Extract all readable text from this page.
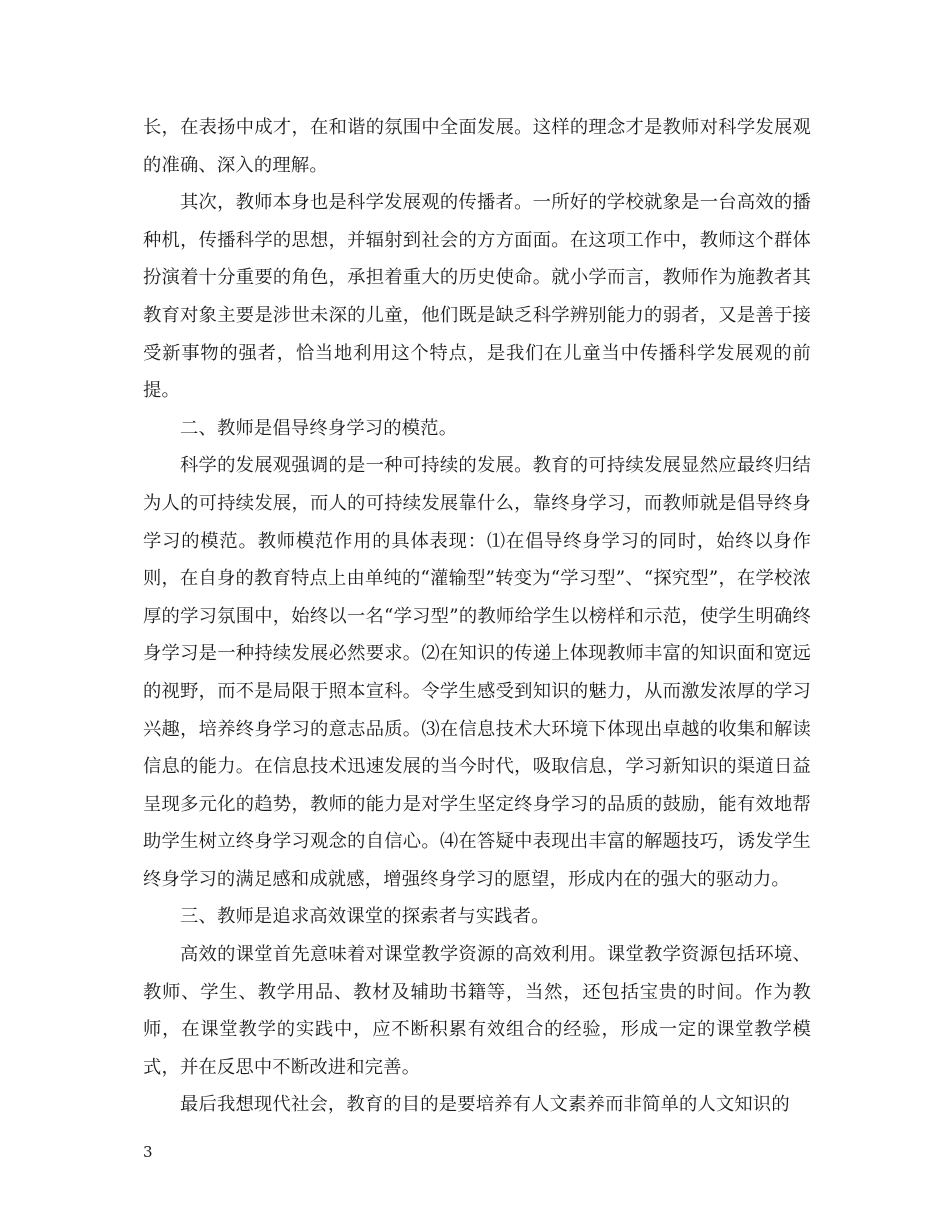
长，在表扬中成才，在和谐的氛围中全面发展。这样的理念才是教师对科学发展观的准确、深入的理解。

其次，教师本身也是科学发展观的传播者。一所好的学校就象是一台高效的播种机，传播科学的思想，并辐射到社会的方方面面。在这项工作中，教师这个群体扮演着十分重要的角色，承担着重大的历史使命。就小学而言，教师作为施教者其教育对象主要是涉世未深的儿童，他们既是缺乏科学辨别能力的弱者，又是善于接受新事物的强者，恰当地利用这个特点，是我们在儿童当中传播科学发展观的前提。

二、教师是倡导终身学习的模范。

科学的发展观强调的是一种可持续的发展。教育的可持续发展显然应最终归结为人的可持续发展，而人的可持续发展靠什么，靠终身学习，而教师就是倡导终身学习的模范。教师模范作用的具体表现：⑴在倡导终身学习的同时，始终以身作则，在自身的教育特点上由单纯的“灌输型”转变为“学习型”、“探究型”，在学校浓厚的学习氛围中，始终以一名“学习型”的教师给学生以榜样和示范，使学生明确终身学习是一种持续发展必然要求。⑵在知识的传递上体现教师丰富的知识面和宽远的视野，而不是局限于照本宣科。令学生感受到知识的魅力，从而激发浓厚的学习兴趣，培养终身学习的意志品质。⑶在信息技术大环境下体现出卓越的收集和解读信息的能力。在信息技术迅速发展的当今时代，吸取信息，学习新知识的渠道日益呈现多元化的趋势，教师的能力是对学生坚定终身学习的品质的鼓励，能有效地帮助学生树立终身学习观念的自信心。⑷在答疑中表现出丰富的解题技巧，诱发学生终身学习的满足感和成就感，增强终身学习的愿望，形成内在的强大的驱动力。

三、教师是追求高效课堂的探索者与实践者。

高效的课堂首先意味着对课堂教学资源的高效利用。课堂教学资源包括环境、教师、学生、教学用品、教材及辅助书籍等，当然，还包括宝贵的时间。作为教师，在课堂教学的实践中，应不断积累有效组合的经验，形成一定的课堂教学模式，并在反思中不断改进和完善。

最后我想现代社会，教育的目的是要培养有人文素养而非简单的人文知识的

3
